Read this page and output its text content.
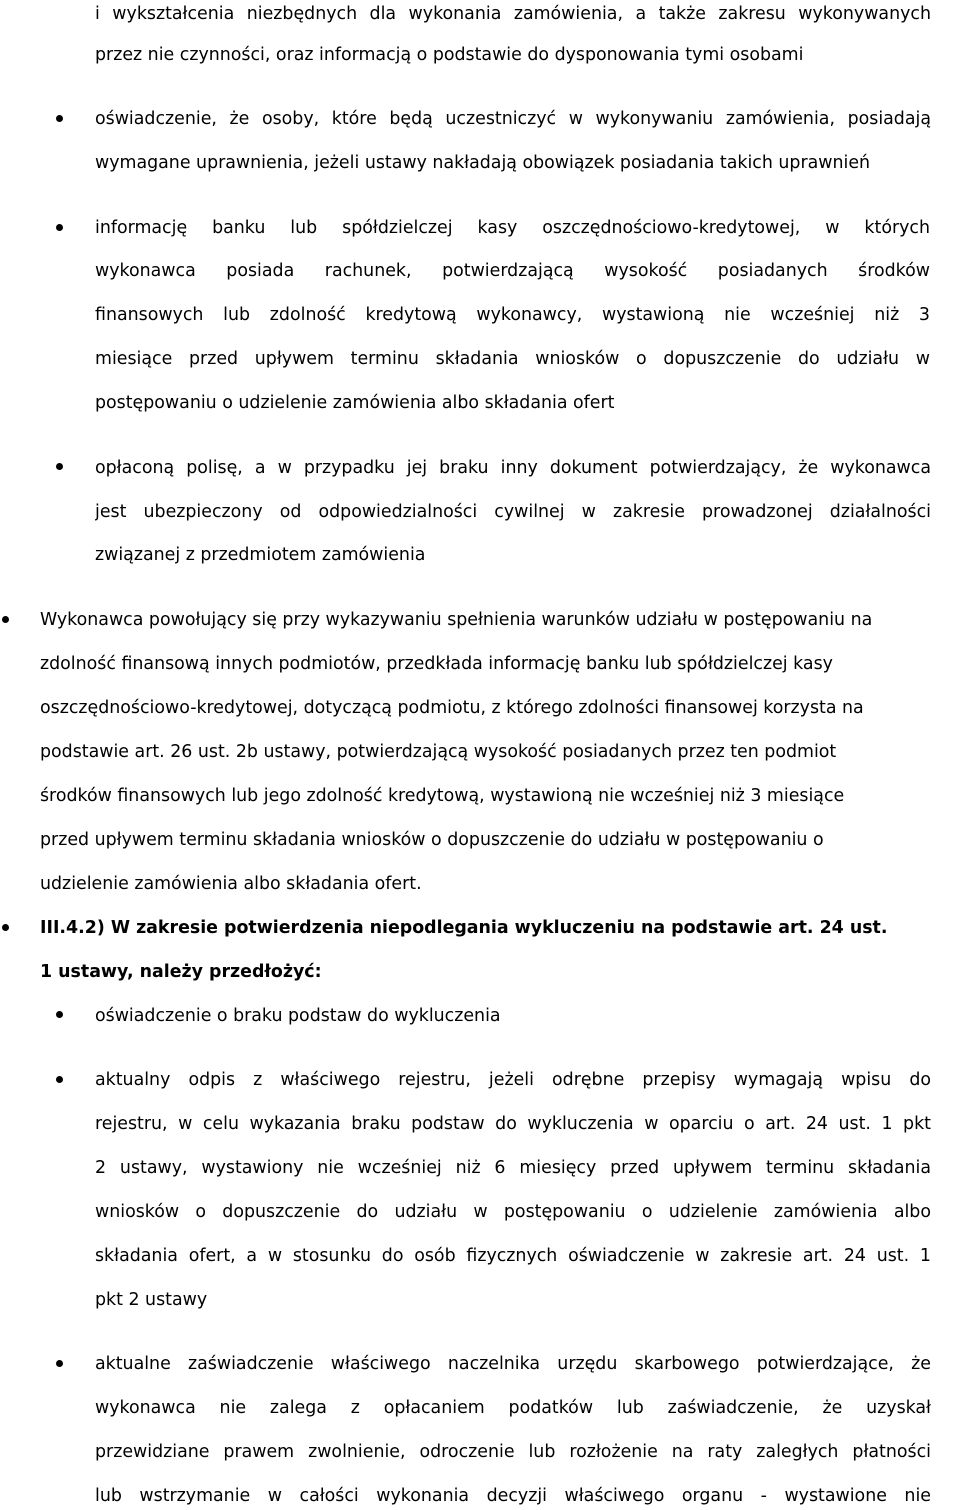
i wykształcenia niezbędnych dla wykonania zamówienia, a także zakresu wykonywanych
przez nie czynności, oraz informacją o podstawie do dysponowania tymi osobami
oświadczenie, że osoby, które będą uczestniczyć w wykonywaniu zamówienia, posiadają
wymagane uprawnienia, jeżeli ustawy nakładają obowiązek posiadania takich uprawnień
informację banku lub spółdzielczej kasy oszczędnościowo-kredytowej, w których
wykonawca posiada rachunek, potwierdzającą wysokość posiadanych środków
finansowych lub zdolność kredytową wykonawcy, wystawioną nie wcześniej niż 3
miesiące przed upływem terminu składania wniosków o dopuszczenie do udziału w
postępowaniu o udzielenie zamówienia albo składania ofert
opłaconą polisę, a w przypadku jej braku inny dokument potwierdzający, że wykonawca
jest ubezpieczony od odpowiedzialności cywilnej w zakresie prowadzonej działalności
związanej z przedmiotem zamówienia
Wykonawca powołujący się przy wykazywaniu spełnienia warunków udziału w postępowaniu na
zdolność finansową innych podmiotów, przedkłada informację banku lub spółdzielczej kasy
oszczędnościowo-kredytowej, dotyczącą podmiotu, z którego zdolności finansowej korzysta na
podstawie art. 26 ust. 2b ustawy, potwierdzającą wysokość posiadanych przez ten podmiot
środków finansowych lub jego zdolność kredytową, wystawioną nie wcześniej niż 3 miesiące
przed upływem terminu składania wniosków o dopuszczenie do udziału w postępowaniu o
udzielenie zamówienia albo składania ofert.
III.4.2) W zakresie potwierdzenia niepodlegania wykluczeniu na podstawie art. 24 ust.
1 ustawy, należy przedłożyć:
oświadczenie o braku podstaw do wykluczenia
aktualny odpis z właściwego rejestru, jeżeli odrębne przepisy wymagają wpisu do
rejestru, w celu wykazania braku podstaw do wykluczenia w oparciu o art. 24 ust. 1 pkt
2 ustawy, wystawiony nie wcześniej niż 6 miesięcy przed upływem terminu składania
wniosków o dopuszczenie do udziału w postępowaniu o udzielenie zamówienia albo
składania ofert, a w stosunku do osób fizycznych oświadczenie w zakresie art. 24 ust. 1
pkt 2 ustawy
aktualne zaświadczenie właściwego naczelnika urzędu skarbowego potwierdzające, że
wykonawca nie zalega z opłacaniem podatków lub zaświadczenie, że uzyskał
przewidziane prawem zwolnienie, odroczenie lub rozłożenie na raty zaległych płatności
lub wstrzymanie w całości wykonania decyzji właściwego organu - wystawione nie
